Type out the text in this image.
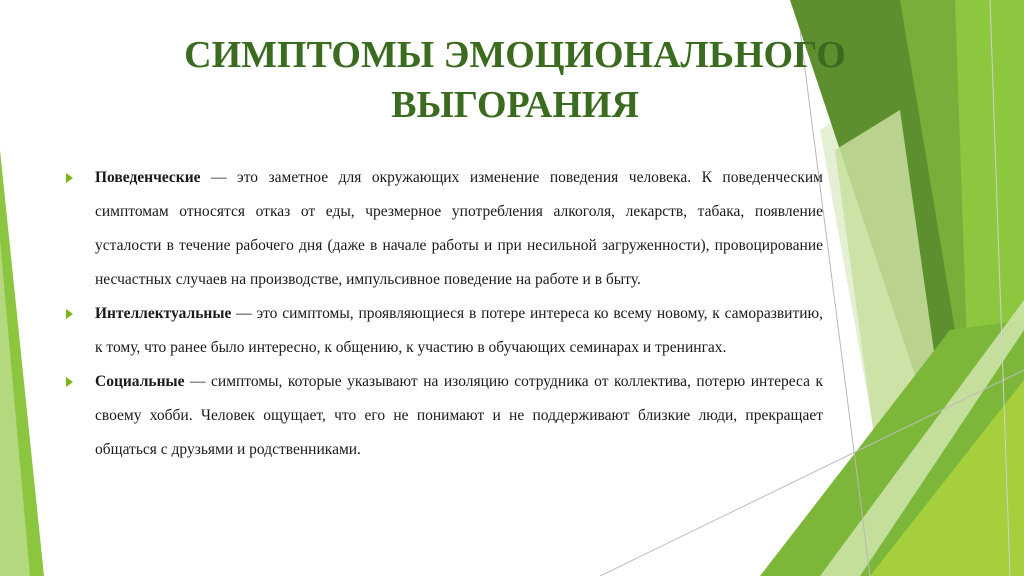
СИМПТОМЫ ЭМОЦИОНАЛЬНОГО
ВЫГОРАНИЯ

Поведенческие — это заметное для окружающих изменение поведения человека. К поведенческим симптомам относятся отказ от еды, чрезмерное употребления алкоголя, лекарств, табака, появление усталости в течение рабочего дня (даже в начале работы и при несильной загруженности), провоцирование несчастных случаев на производстве, импульсивное поведение на работе и в быту.

Интеллектуальные — это симптомы, проявляющиеся в потере интереса ко всему новому, к саморазвитию, к тому, что ранее было интересно, к общению, к участию в обучающих семинарах и тренингах.

Социальные — симптомы, которые указывают на изоляцию сотрудника от коллектива, потерю интереса к своему хобби. Человек ощущает, что его не понимают и не поддерживают близкие люди, прекращает общаться с друзьями и родственниками.
